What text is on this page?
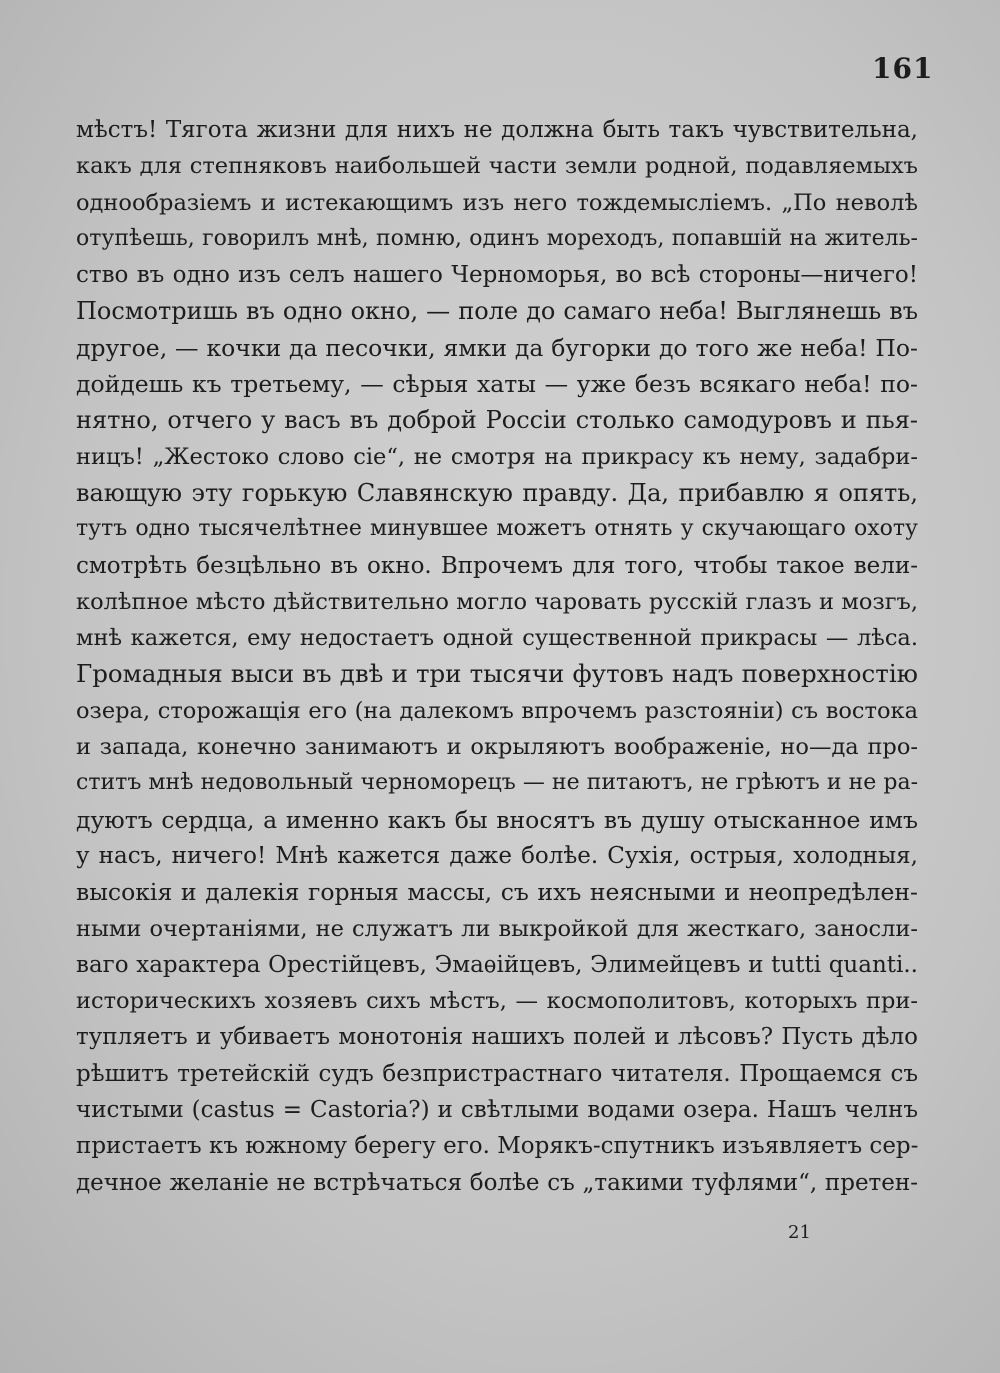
161
мѣстъ! Тягота жизни для нихъ не должна быть такъ чувствительна,
какъ для степняковъ наибольшей части земли родной, подавляемыхъ
однообразіемъ и истекающимъ изъ него тождемысліемъ. „По неволѣ
отупѣешь, говорилъ мнѣ, помню, одинъ мореходъ, попавшій на житель-
ство въ одно изъ селъ нашего Черноморья, во всѣ стороны—ничего!
Посмотришь въ одно окно, — поле до самаго неба! Выглянешь въ
другое, — кочки да песочки, ямки да бугорки до того же неба! По-
дойдешь къ третьему, — сѣрыя хаты — уже безъ всякаго неба! по-
нятно, отчего у васъ въ доброй Россіи столько самодуровъ и пья-
ницъ! „Жестоко слово сіе“, не смотря на прикрасу къ нему, задабри-
вающую эту горькую Славянскую правду. Да, прибавлю я опять,
тутъ одно тысячелѣтнее минувшее можетъ отнять у скучающаго охоту
смотрѣть безцѣльно въ окно. Впрочемъ для того, чтобы такое вели-
колѣпное мѣсто дѣйствительно могло чаровать русскій глазъ и мозгъ,
мнѣ кажется, ему недостаетъ одной существенной прикрасы — лѣса.
Громадныя выси въ двѣ и три тысячи футовъ надъ поверхностію
озера, сторожащія его (на далекомъ впрочемъ разстояніи) съ востока
и запада, конечно занимаютъ и окрыляютъ воображеніе, но—да про-
ститъ мнѣ недовольный черноморецъ — не питаютъ, не грѣютъ и не ра-
дуютъ сердца, а именно какъ бы вносятъ въ душу отысканное имъ
у насъ, ничего! Мнѣ кажется даже болѣе. Сухія, острыя, холодныя,
высокія и далекія горныя массы, съ ихъ неясными и неопредѣлен-
ными очертаніями, не служатъ ли выкройкой для жесткаго, заносли-
ваго характера Орестійцевъ, Эмаѳійцевъ, Элимейцевъ и tutti quanti..
историческихъ хозяевъ сихъ мѣстъ, — космополитовъ, которыхъ при-
тупляетъ и убиваетъ монотонія нашихъ полей и лѣсовъ? Пусть дѣло
рѣшитъ третейскій судъ безпристрастнаго читателя. Прощаемся съ
чистыми (castus = Castoria?) и свѣтлыми водами озера. Нашъ челнъ
пристаетъ къ южному берегу его. Морякъ-спутникъ изъявляетъ сер-
дечное желаніе не встрѣчаться болѣе съ „такими туфлями“, претен-
21
